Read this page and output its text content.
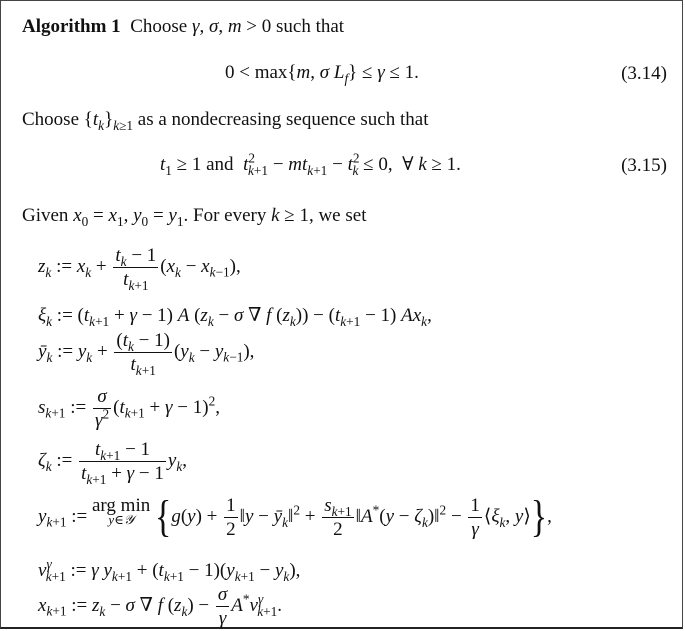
Algorithm 1 Choose γ, σ, m > 0 such that
0 < max{m, σ $L_f\} \le \gamma \le 1$.	(3.14)
Choose $\{t_k\}_{k\ge 1}$ as a nondecreasing sequence such that
$t_1 \ge 1$ and  $t^2_{k+1} - mt_{k+1} - t^2_k \le 0$,  ∀ k ≥ 1.	(3.15)
Given $x_0 = x_1$, $y_0 = y_1$. For every k ≥ 1, we set
$z_k$ := $x_k + \frac{t_k - 1}{t_{k+1}} (x_k - x_{k-1})$,
$\xi_k$ := $(t_{k+1} + \gamma - 1)$ A ($z_k - \sigma$ ∇ f $(z_k)) - (t_{k+1} - 1)$ $Ax_k$,
$ȳ_k$ := $y_k + \frac{(t_k - 1)}{t_{k+1}} (y_k - y_{k-1})$,
$s_{k+1}$ := $\frac{\sigma}{\gamma^2} (t_{k+1} + \gamma - 1)^2$,
$\zeta_k$ := $\frac{t_{k+1} - 1}{t_{k+1} + \gamma - 1} y_k$,
$y_{k+1}$ := arg min
y∈𝒴 {$g(y) + \frac{1}{2}$ ‖y − $ȳ_k‖^2 + \frac{s_{k+1}}{2}$ ‖A*(y − $\zeta_k)‖^2 - \frac{1}{\gamma}$ $⟨\xi_k$, y⟩},
$v^\gamma_{k+1}$ := γ $y_{k+1} + (t_{k+1} - 1)(y_{k+1} - y_k)$,
$x_{k+1}$ := $z_k - \sigma$ ∇ f $(z_k) - \frac{\sigma}{\gamma} A^*v^\gamma_{k+1}$.
